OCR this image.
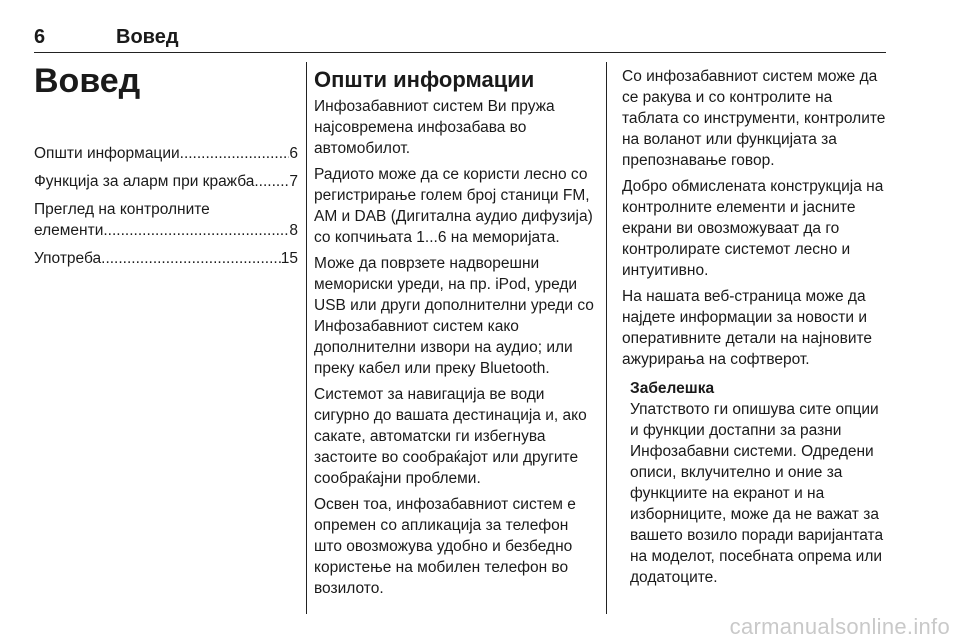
6	Вовед
Вовед
Општи информации .....	6
Функција за аларм при кражба ..... 7
Преглед на контролните
елементи .....	8
Употреба .....	15
Општи информации

Инфозабавниот систем Ви пружа најсовремена инфозабава во автомобилот.

Радиото може да се користи лесно со регистрирање голем број станици FM, AM и DAB (Дигитална аудио дифузија) со копчињата 1...6 на меморијата.

Може да поврзете надворешни мемориски уреди, на пр. iPod, уреди USB или други дополнителни уреди со Инфозабавниот систем како дополнителни извори на аудио; или преку кабел или преку Bluetooth.

Системот за навигација ве води сигурно до вашата дестинација и, ако сакате, автоматски ги избегнува застоите во сообраќајот или другите сообраќајни проблеми.

Освен тоа, инфозабавниот систем е опремен со апликација за телефон што овозможува удобно и безбедно користење на мобилен телефон во возилото.

Со инфозабавниот систем може да се ракува и со контролите на таблата со инструменти, контролите на воланот или функцијата за препознавање говор.

Добро обмислената конструкција на контролните елементи и јасните екрани ви овозможуваат да го контролирате системот лесно и интуитивно.

На нашата веб-страница може да најдете информации за новости и оперативните детали на најновите ажурирања на софтверот.

Забелешка
Упатството ги опишува сите опции и функции достапни за разни Инфозабавни системи. Одредени описи, вклучително и оние за функциите на екранот и на изборниците, може да не важат за вашето возило поради варијантата на моделот, посебната опрема или додатоците.
carmanualsonline.info
